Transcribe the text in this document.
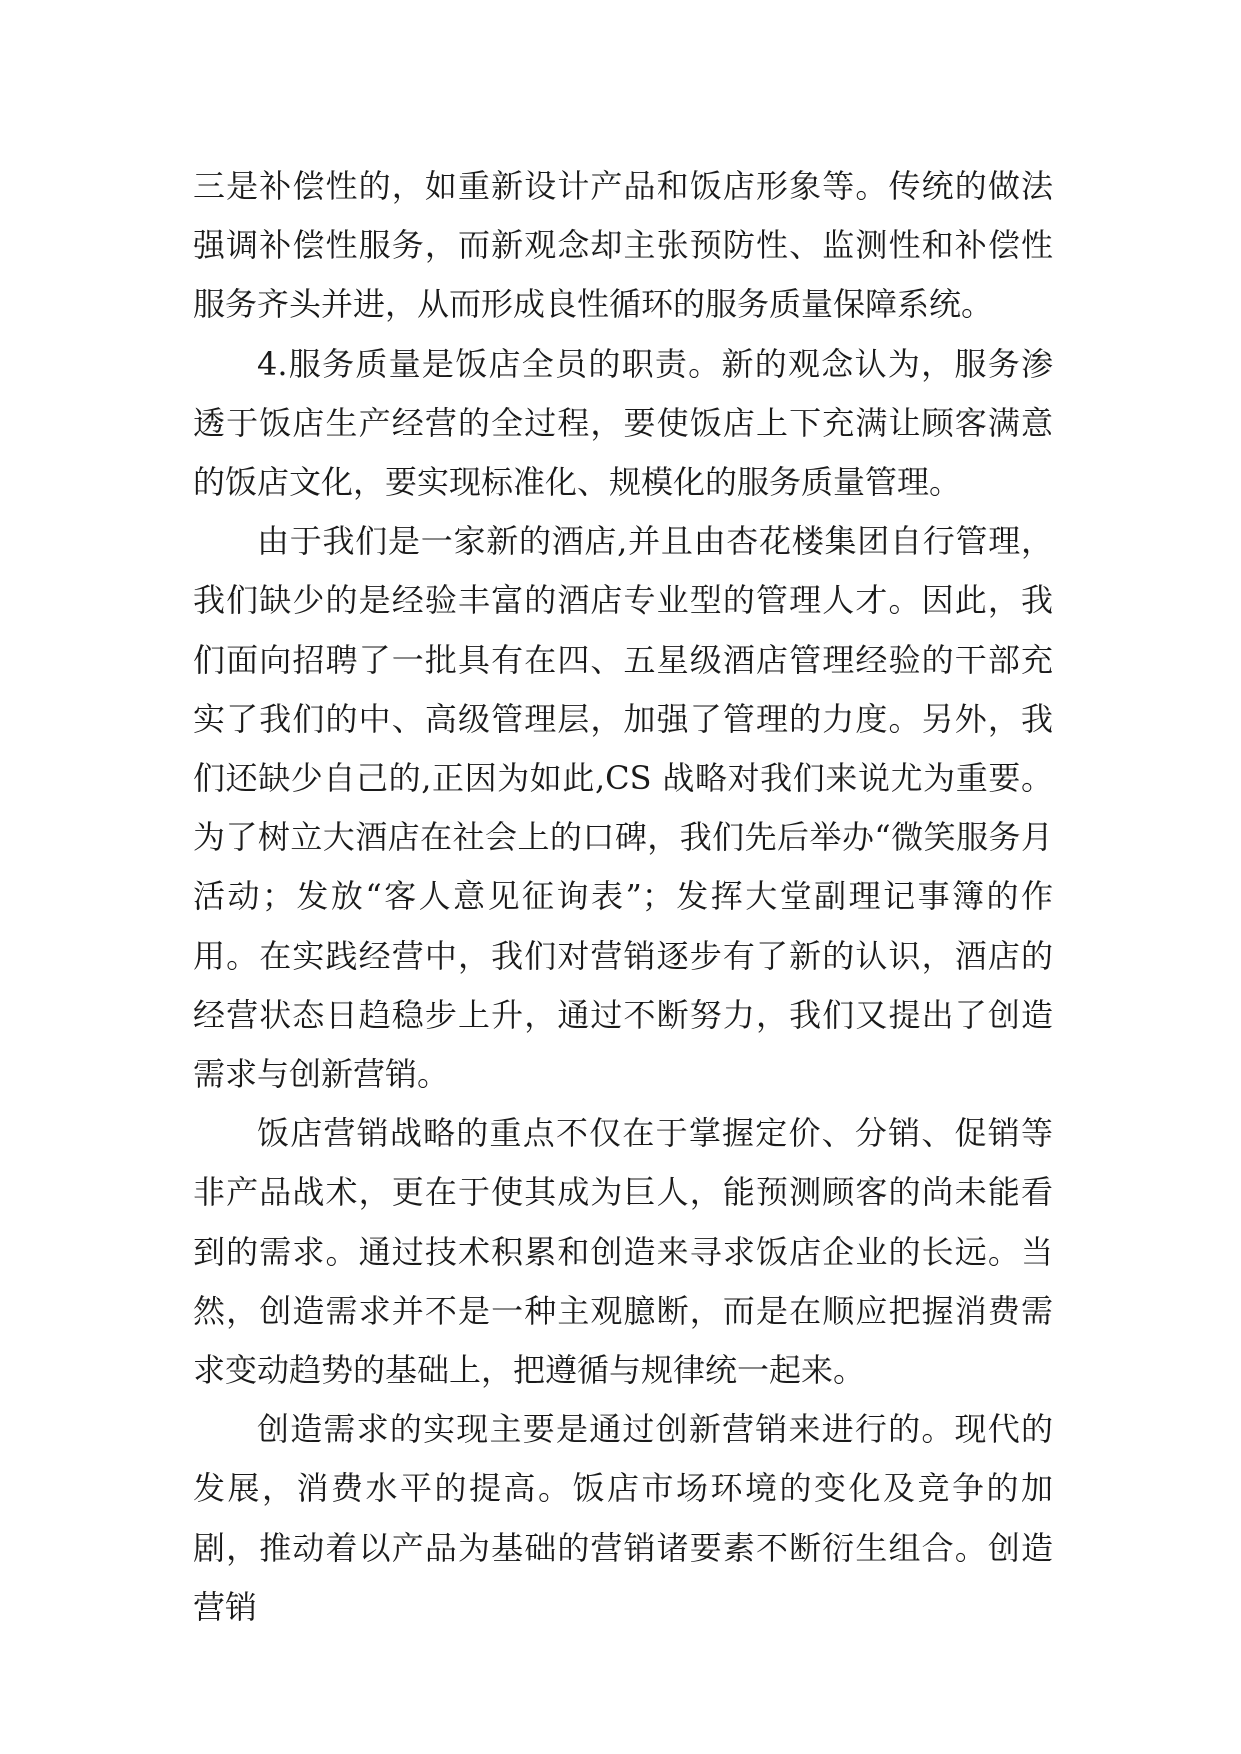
三是补偿性的，如重新设计产品和饭店形象等。传统的做法强调补偿性服务，而新观念却主张预防性、监测性和补偿性服务齐头并进，从而形成良性循环的服务质量保障系统。

4.服务质量是饭店全员的职责。新的观念认为，服务渗透于饭店生产经营的全过程，要使饭店上下充满让顾客满意的饭店文化，要实现标准化、规模化的服务质量管理。

由于我们是一家新的酒店,并且由杏花楼集团自行管理，我们缺少的是经验丰富的酒店专业型的管理人才。因此，我们面向招聘了一批具有在四、五星级酒店管理经验的干部充实了我们的中、高级管理层，加强了管理的力度。另外，我们还缺少自己的,正因为如此,CS 战略对我们来说尤为重要。为了树立大酒店在社会上的口碑，我们先后举办“微笑服务月活动；发放“客人意见征询表”；发挥大堂副理记事簿的作用。在实践经营中，我们对营销逐步有了新的认识，酒店的经营状态日趋稳步上升，通过不断努力，我们又提出了创造需求与创新营销。

饭店营销战略的重点不仅在于掌握定价、分销、促销等非产品战术，更在于使其成为巨人，能预测顾客的尚未能看到的需求。通过技术积累和创造来寻求饭店企业的长远。当然，创造需求并不是一种主观臆断，而是在顺应把握消费需求变动趋势的基础上，把遵循与规律统一起来。

创造需求的实现主要是通过创新营销来进行的。现代的发展，消费水平的提高。饭店市场环境的变化及竞争的加剧，推动着以产品为基础的营销诸要素不断衍生组合。创造营销
